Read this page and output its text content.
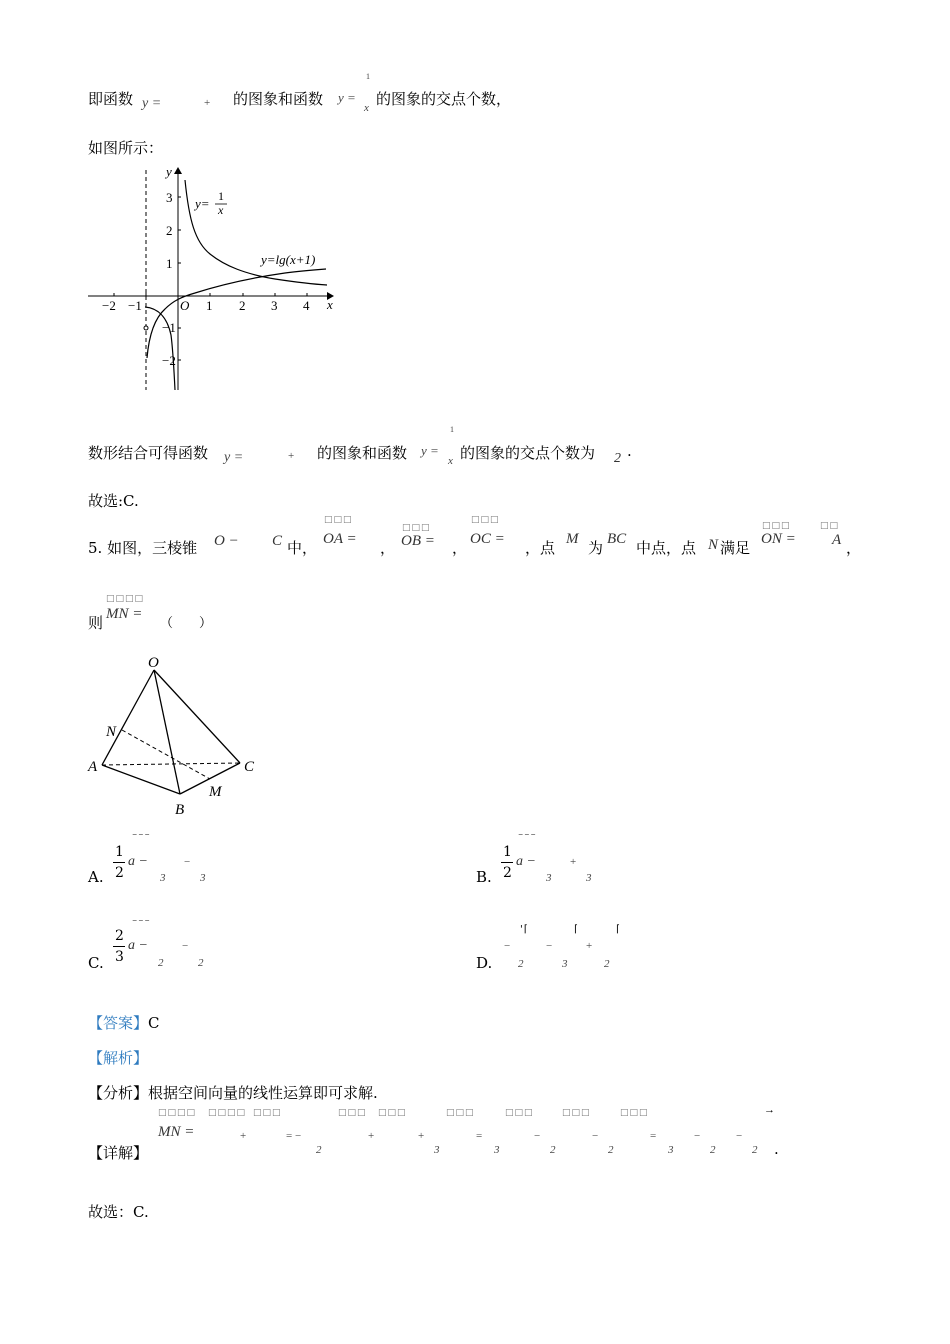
即函数 y =	+ 的图象和函数 y =
1
x 的图象的交点个数，
如图所示：
y
x
O
−2 −1	1 2 3 4
3
2
1
−1
−2
y= 1
x
y=lg(x+1)
数形结合可得函数 y =	+ 的图象和函数 y =
1
x 的图象的交点个数为 2 .
故选:C.
5. 如图，三棱锥 O − C 中，
□□□
OA = ，
□□□
OB = ，
□□□
OC = ，点 M 为 BC 中点，点 N 满足
□□□
ON =
□□
A ，
则
□□□□
MN =
（　　）
O
N
A	C
M
B
A.
⁻⁻⁻
1
2
a −
3
−
3	B.
⁻⁻⁻
1
2
a −
3
+
3
C.
⁻⁻⁻
2
3
a −
2
−
2	D.
'⌈	⌈	⌈
−
2
−
3
+
2
【答案】C
【解析】
【分析】根据空间向量的线性运算即可求解.
【详解】
□□□□ □□□□ □□□	□□□ □□□	□□□	□□□	□□□	□□□	→
MN =	+	= −
2
+	+
3
=
3
−
2
−
2
=
3
−
2
−
2 .
故选：C.
